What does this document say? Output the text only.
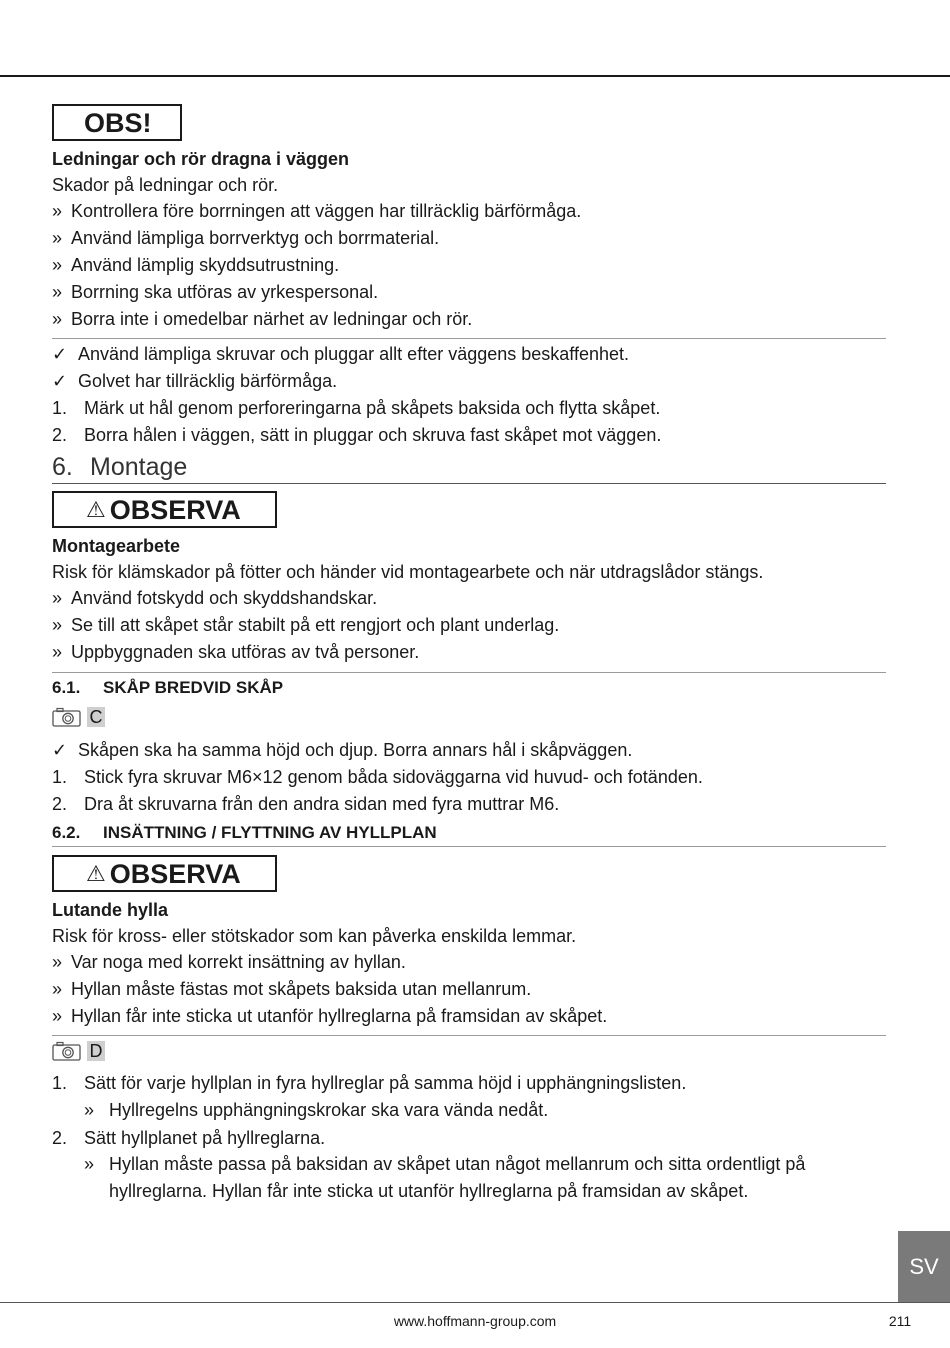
OBS!
Ledningar och rör dragna i väggen
Skador på ledningar och rör.
» Kontrollera före borrningen att väggen har tillräcklig bärförmåga.
» Använd lämpliga borrverktyg och borrmaterial.
» Använd lämplig skyddsutrustning.
» Borrning ska utföras av yrkespersonal.
» Borra inte i omedelbar närhet av ledningar och rör.
✓ Använd lämpliga skruvar och pluggar allt efter väggens beskaffenhet.
✓ Golvet har tillräcklig bärförmåga.
1. Märk ut hål genom perforeringarna på skåpets baksida och flytta skåpet.
2. Borra hålen i väggen, sätt in pluggar och skruva fast skåpet mot väggen.
6. Montage
⚠ OBSERVA
Montagearbete
Risk för klämskador på fötter och händer vid montagearbete och när utdragslådor stängs.
» Använd fotskydd och skyddshandskar.
» Se till att skåpet står stabilt på ett rengjort och plant underlag.
» Uppbyggnaden ska utföras av två personer.
6.1. SKÅP BREDVID SKÅP
C
✓ Skåpen ska ha samma höjd och djup. Borra annars hål i skåpväggen.
1. Stick fyra skruvar M6×12 genom båda sidoväggarna vid huvud- och fotänden.
2. Dra åt skruvarna från den andra sidan med fyra muttrar M6.
6.2. INSÄTTNING / FLYTTNING AV HYLLPLAN
⚠ OBSERVA
Lutande hylla
Risk för kross- eller stötskador som kan påverka enskilda lemmar.
» Var noga med korrekt insättning av hyllan.
» Hyllan måste fästas mot skåpets baksida utan mellanrum.
» Hyllan får inte sticka ut utanför hyllreglarna på framsidan av skåpet.
D
1. Sätt för varje hyllplan in fyra hyllreglar på samma höjd i upphängningslisten.
» Hyllregelns upphängningskrokar ska vara vända nedåt.
2. Sätt hyllplanet på hyllreglarna.
» Hyllan måste passa på baksidan av skåpet utan något mellanrum och sitta ordentligt på
hyllreglarna. Hyllan får inte sticka ut utanför hyllreglarna på framsidan av skåpet.
SV
www.hoffmann-group.com	211
